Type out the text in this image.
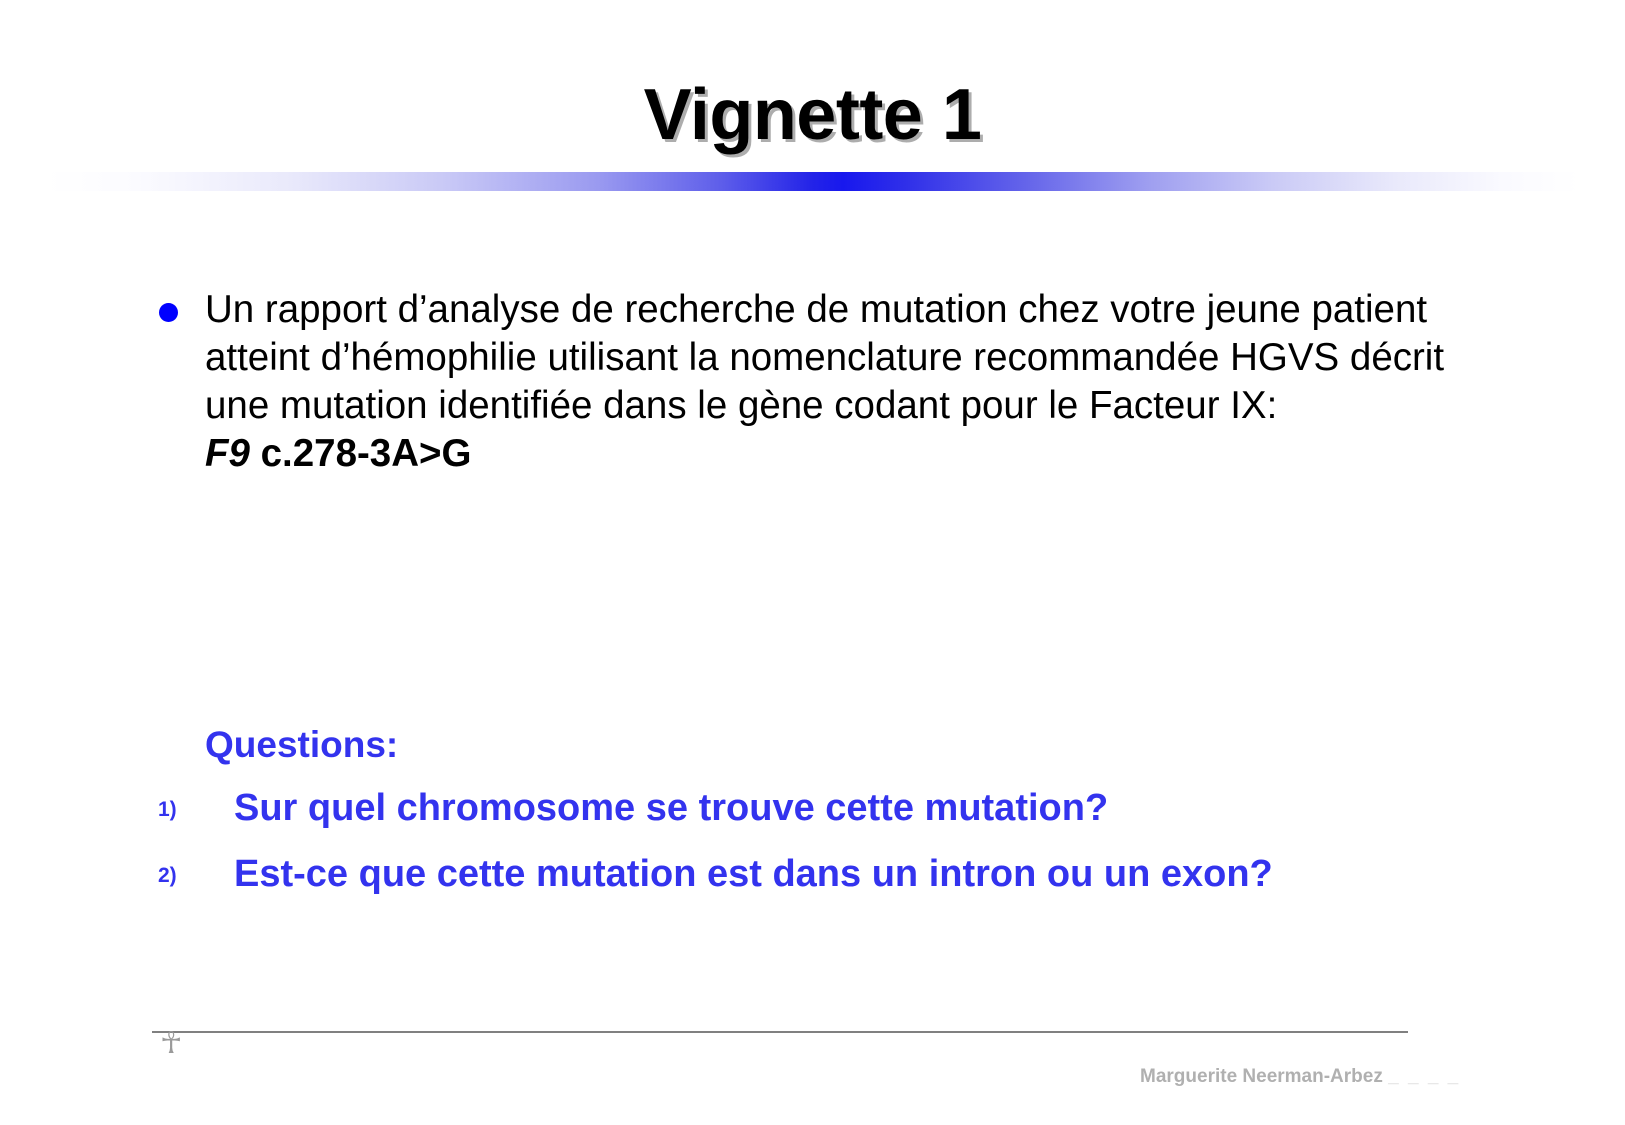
Vignette 1
Un rapport d’analyse de recherche de mutation chez votre jeune patient atteint d’hémophilie utilisant la nomenclature recommandée HGVS décrit une mutation identifiée dans le gène codant pour le Facteur IX:
F9 c.278-3A>G
Questions:
1) Sur quel chromosome se trouve cette mutation?
2) Est-ce que cette mutation est dans un intron ou un exon?
☥
Marguerite Neerman-Arbez _ _ _ _
